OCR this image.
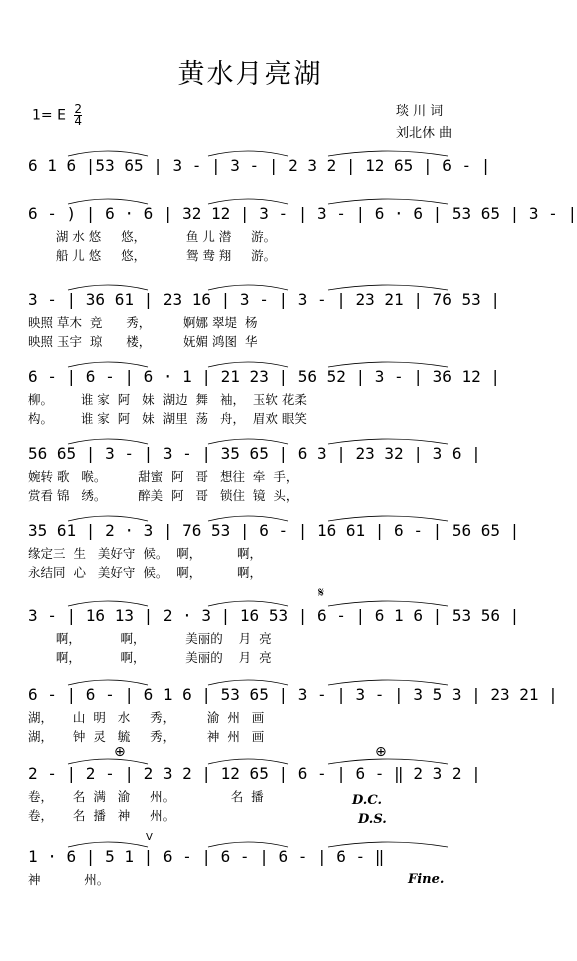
黄水月亮湖
1= E $\frac{2}{4}$	琰 川 词
刘北休 曲
6 1 6 |53 65 | 3 - | 3 - | 2 3 2 | 12 65 | 6 - |
6 - ) | 6 · 6 | 32 12 | 3 - | 3 - | 6 · 6 | 53 65 | 3 - |
湖 水 悠     悠，          鱼 儿 潜     游。
船 儿 悠     悠，          鸳 鸯 翔     游。
3 - | 36 61 | 23 16 | 3 - | 3 - | 23 21 | 76 53 |
映照 草木  竞      秀，        婀娜 翠堤  杨
映照 玉宇  琼      楼，        妩媚 鸿图  华
6 - | 6 - | 6 · 1 | 21 23 | 56 52 | 3 - | 36 12 |
柳。       谁 家  阿   妹  湖边  舞   袖，  玉软 花柔
构。       谁 家  阿   妹  湖里  荡   舟，  眉欢 眼笑
56 65 | 3 - | 3 - | 35 65 | 6 3 | 23 32 | 3 6 |
婉转 歌   喉。        甜蜜  阿   哥   想往  牵  手，
赏看 锦   绣。        醉美  阿   哥   锁住  镜  头，
35 61 | 2 · 3 | 76 53 | 6 - | 16 61 | 6 - | 56 65 |
缘定三  生   美好守  候。  啊，         啊，
永结同  心   美好守  候。  啊，         啊，
3 - | 16 13 | 2 · 3 | 16 53 | 6 - | 6 1 6 | 53 56 |
啊，          啊，          美丽的    月  亮
啊，          啊，          美丽的    月  亮
6 - | 6 - | 6 1 6 | 53 65 | 3 - | 3 - | 3 5 3 | 23 21 |
湖，     山  明   水     秀，        渝  州   画
湖，     钟  灵   毓     秀，        神  州   画
2 - | 2 - | 2 3 2 | 12 65 | 6 - | 6 - ‖ 2 3 2 |
卷，     名  满   渝     州。              名  播
卷，     名  播   神     州。
1 · 6 | 5 1 | 6 - | 6 - | 6 - | 6 - ‖
神           州。
D.C.
D.S.
Fine.
𝄋
⊕	⊕
V
